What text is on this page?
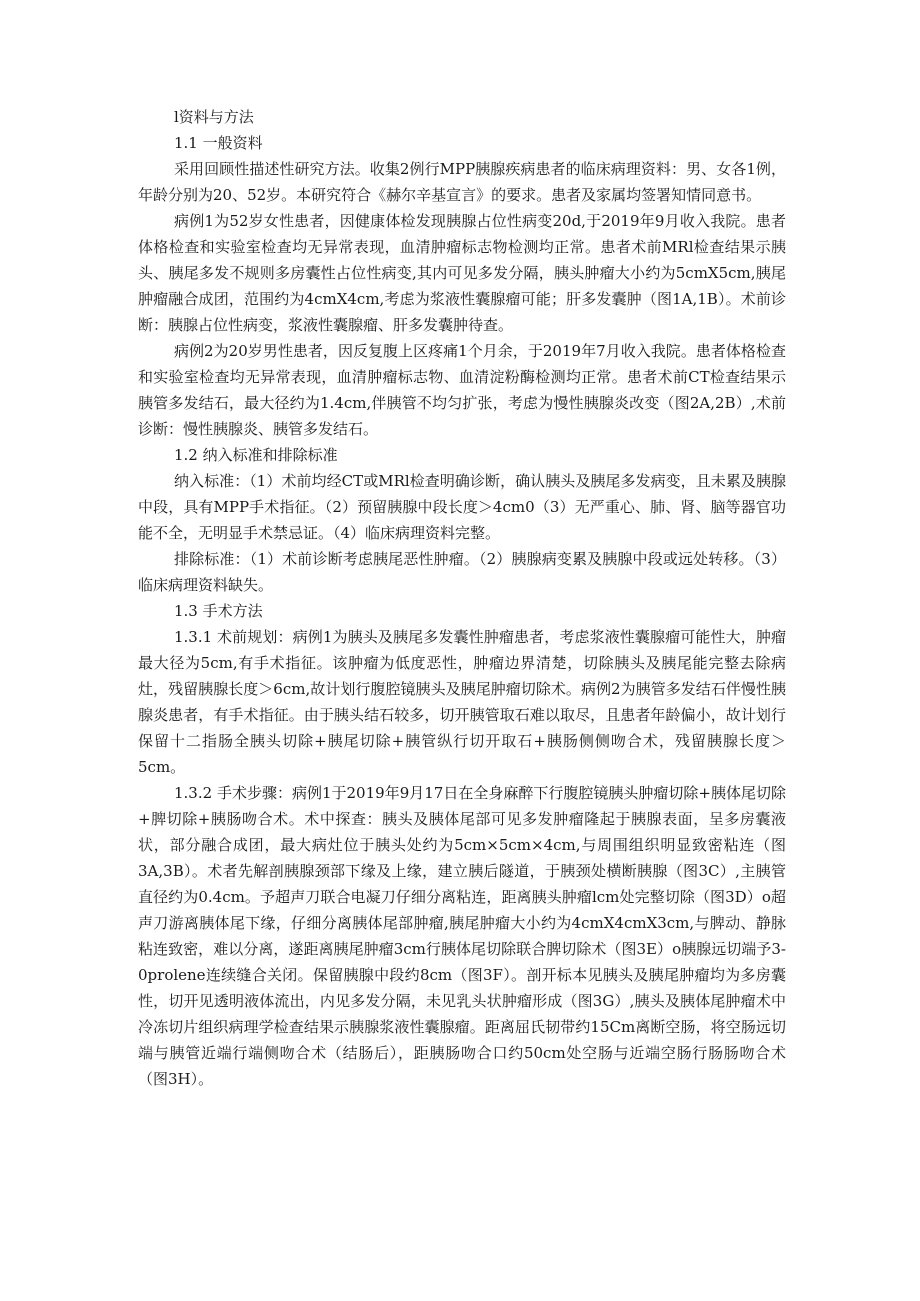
l资料与方法

1.1 一般资料

采用回顾性描述性研究方法。收集2例行MPP胰腺疾病患者的临床病理资料：男、女各1例，年龄分别为20、52岁。本研究符合《赫尔辛基宣言》的要求。患者及家属均签署知情同意书。

病例1为52岁女性患者，因健康体检发现胰腺占位性病变20d,于2019年9月收入我院。患者体格检查和实验室检查均无异常表现，血清肿瘤标志物检测均正常。患者术前MRl检查结果示胰头、胰尾多发不规则多房囊性占位性病变,其内可见多发分隔，胰头肿瘤大小约为5cmX5cm,胰尾肿瘤融合成团，范围约为4cmX4cm,考虑为浆液性囊腺瘤可能；肝多发囊肿（图1A,1B）。术前诊断：胰腺占位性病变，浆液性囊腺瘤、肝多发囊肿待查。

病例2为20岁男性患者，因反复腹上区疼痛1个月余，于2019年7月收入我院。患者体格检查和实验室检查均无异常表现，血清肿瘤标志物、血清淀粉酶检测均正常。患者术前CT检查结果示胰管多发结石，最大径约为1.4cm,伴胰管不均匀扩张，考虑为慢性胰腺炎改变（图2A,2B）,术前诊断：慢性胰腺炎、胰管多发结石。

1.2 纳入标准和排除标准

纳入标准：（1）术前均经CT或MRl检查明确诊断，确认胰头及胰尾多发病变，且未累及胰腺中段，具有MPP手术指征。（2）预留胰腺中段长度＞4cm0（3）无严重心、肺、肾、脑等器官功能不全，无明显手术禁忌证。（4）临床病理资料完整。

排除标准：（1）术前诊断考虑胰尾恶性肿瘤。（2）胰腺病变累及胰腺中段或远处转移。（3）临床病理资料缺失。

1.3 手术方法

1.3.1 术前规划：病例1为胰头及胰尾多发囊性肿瘤患者，考虑浆液性囊腺瘤可能性大，肿瘤最大径为5cm,有手术指征。该肿瘤为低度恶性，肿瘤边界清楚，切除胰头及胰尾能完整去除病灶，残留胰腺长度＞6cm,故计划行腹腔镜胰头及胰尾肿瘤切除术。病例2为胰管多发结石伴慢性胰腺炎患者，有手术指征。由于胰头结石较多，切开胰管取石难以取尽，且患者年龄偏小，故计划行保留十二指肠全胰头切除+胰尾切除+胰管纵行切开取石+胰肠侧侧吻合术，残留胰腺长度＞5cm。

1.3.2 手术步骤：病例1于2019年9月17日在全身麻醉下行腹腔镜胰头肿瘤切除+胰体尾切除+脾切除+胰肠吻合术。术中探查：胰头及胰体尾部可见多发肿瘤隆起于胰腺表面，呈多房囊液状，部分融合成团，最大病灶位于胰头处约为5cm×5cm×4cm,与周围组织明显致密粘连（图3A,3B）。术者先解剖胰腺颈部下缘及上缘，建立胰后隧道，于胰颈处横断胰腺（图3C）,主胰管直径约为0.4cm。予超声刀联合电凝刀仔细分离粘连，距离胰头肿瘤lcm处完整切除（图3D）o超声刀游离胰体尾下缘，仔细分离胰体尾部肿瘤,胰尾肿瘤大小约为4cmX4cmX3cm,与脾动、静脉粘连致密，难以分离，遂距离胰尾肿瘤3cm行胰体尾切除联合脾切除术（图3E）o胰腺远切端予3-0prolene连续缝合关闭。保留胰腺中段约8cm（图3F）。剖开标本见胰头及胰尾肿瘤均为多房囊性，切开见透明液体流出，内见多发分隔，未见乳头状肿瘤形成（图3G）,胰头及胰体尾肿瘤术中冷冻切片组织病理学检查结果示胰腺浆液性囊腺瘤。距离屈氏韧带约15Cm离断空肠，将空肠远切端与胰管近端行端侧吻合术（结肠后），距胰肠吻合口约50cm处空肠与近端空肠行肠肠吻合术（图3H）。
